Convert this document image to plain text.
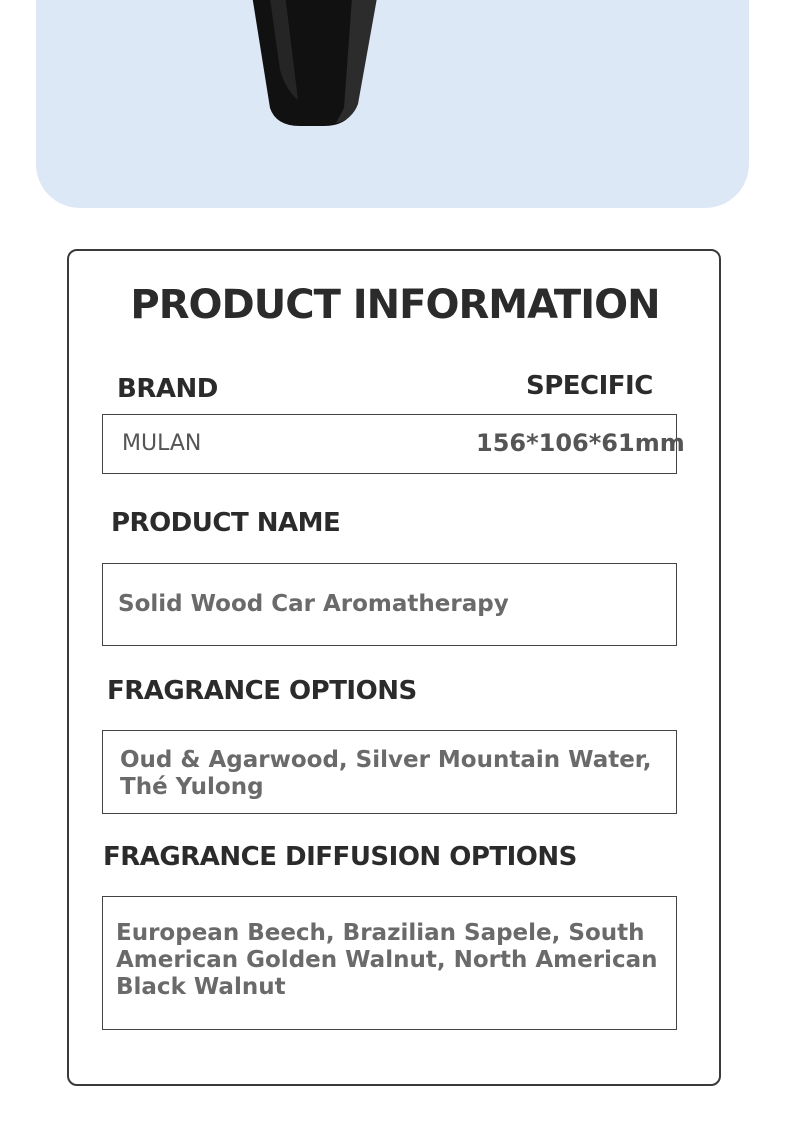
PRODUCT INFORMATION
BRAND	SPECIFIC
MULAN	156*106*61mm
PRODUCT NAME
Solid Wood Car Aromatherapy
FRAGRANCE OPTIONS
Oud & Agarwood, Silver Mountain Water,
Thé Yulong
FRAGRANCE DIFFUSION OPTIONS
European Beech, Brazilian Sapele, South
American Golden Walnut, North American
Black Walnut
